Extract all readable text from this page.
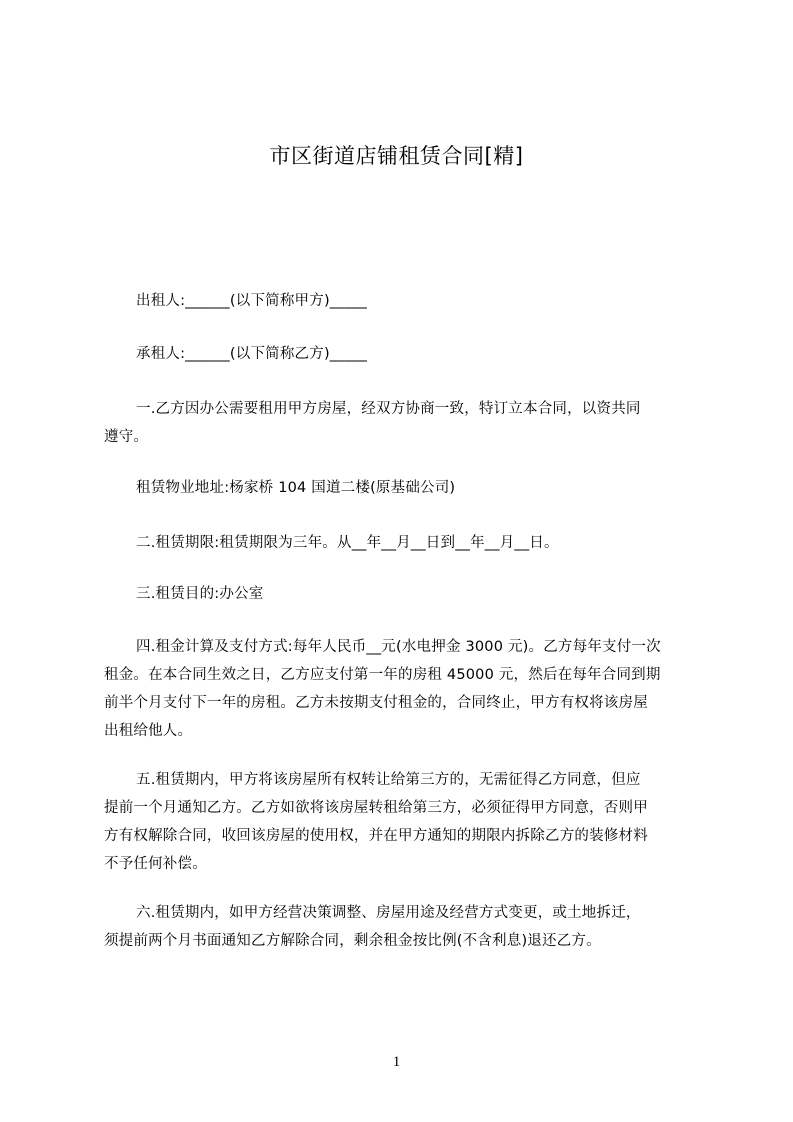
市区街道店铺租赁合同[精]
出租人:______(以下简称甲方)_____
承租人:______(以下简称乙方)_____
一.乙方因办公需要租用甲方房屋，经双方协商一致，特订立本合同，以资共同
遵守。
租赁物业地址:杨家桥 104 国道二楼(原基础公司)
二.租赁期限:租赁期限为三年。从__年__月__日到__年__月__日。
三.租赁目的:办公室
四.租金计算及支付方式:每年人民币__元(水电押金 3000 元)。乙方每年支付一次
租金。在本合同生效之日，乙方应支付第一年的房租 45000 元，然后在每年合同到期
前半个月支付下一年的房租。乙方未按期支付租金的，合同终止，甲方有权将该房屋
出租给他人。
五.租赁期内，甲方将该房屋所有权转让给第三方的，无需征得乙方同意，但应
提前一个月通知乙方。乙方如欲将该房屋转租给第三方，必须征得甲方同意，否则甲
方有权解除合同，收回该房屋的使用权，并在甲方通知的期限内拆除乙方的装修材料
不予任何补偿。
六.租赁期内，如甲方经营决策调整、房屋用途及经营方式变更，或土地拆迁，
须提前两个月书面通知乙方解除合同，剩余租金按比例(不含利息)退还乙方。
1
